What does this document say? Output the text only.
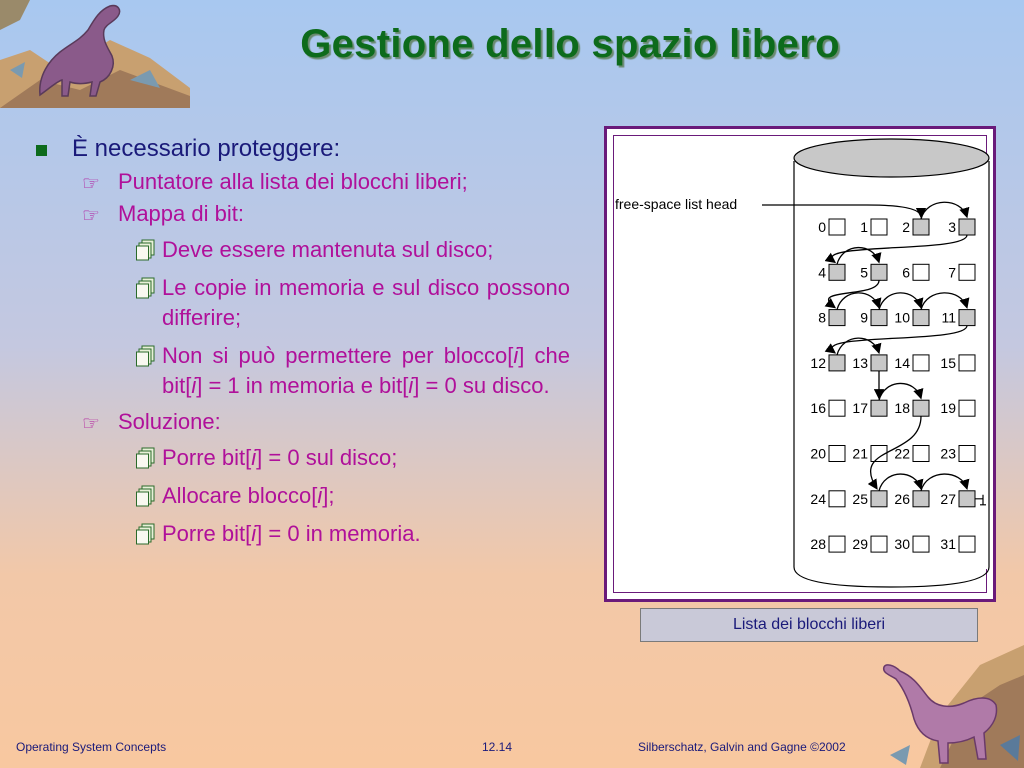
Gestione dello spazio libero
È necessario proteggere:
☞ Puntatore alla lista dei blocchi liberi;
☞ Mappa di bit:
Deve essere mantenuta sul disco;
Le copie in memoria e sul disco possono differire;
Non si può permettere per blocco[i] che bit[i] = 1 in memoria e bit[i] = 0 su disco.
☞ Soluzione:
Porre bit[i] = 0 sul disco;
Allocare blocco[i];
Porre bit[i] = 0 in memoria.
free-space list head
0 1 2	3
4 5 6	7
8 9 10 11
12 13 14 15
16 17 18 19
20 21 22 23
24 25 26 27
28 29 30 31
Lista dei blocchi liberi
Operating System Concepts	12.14	Silberschatz, Galvin and Gagne ©2002
